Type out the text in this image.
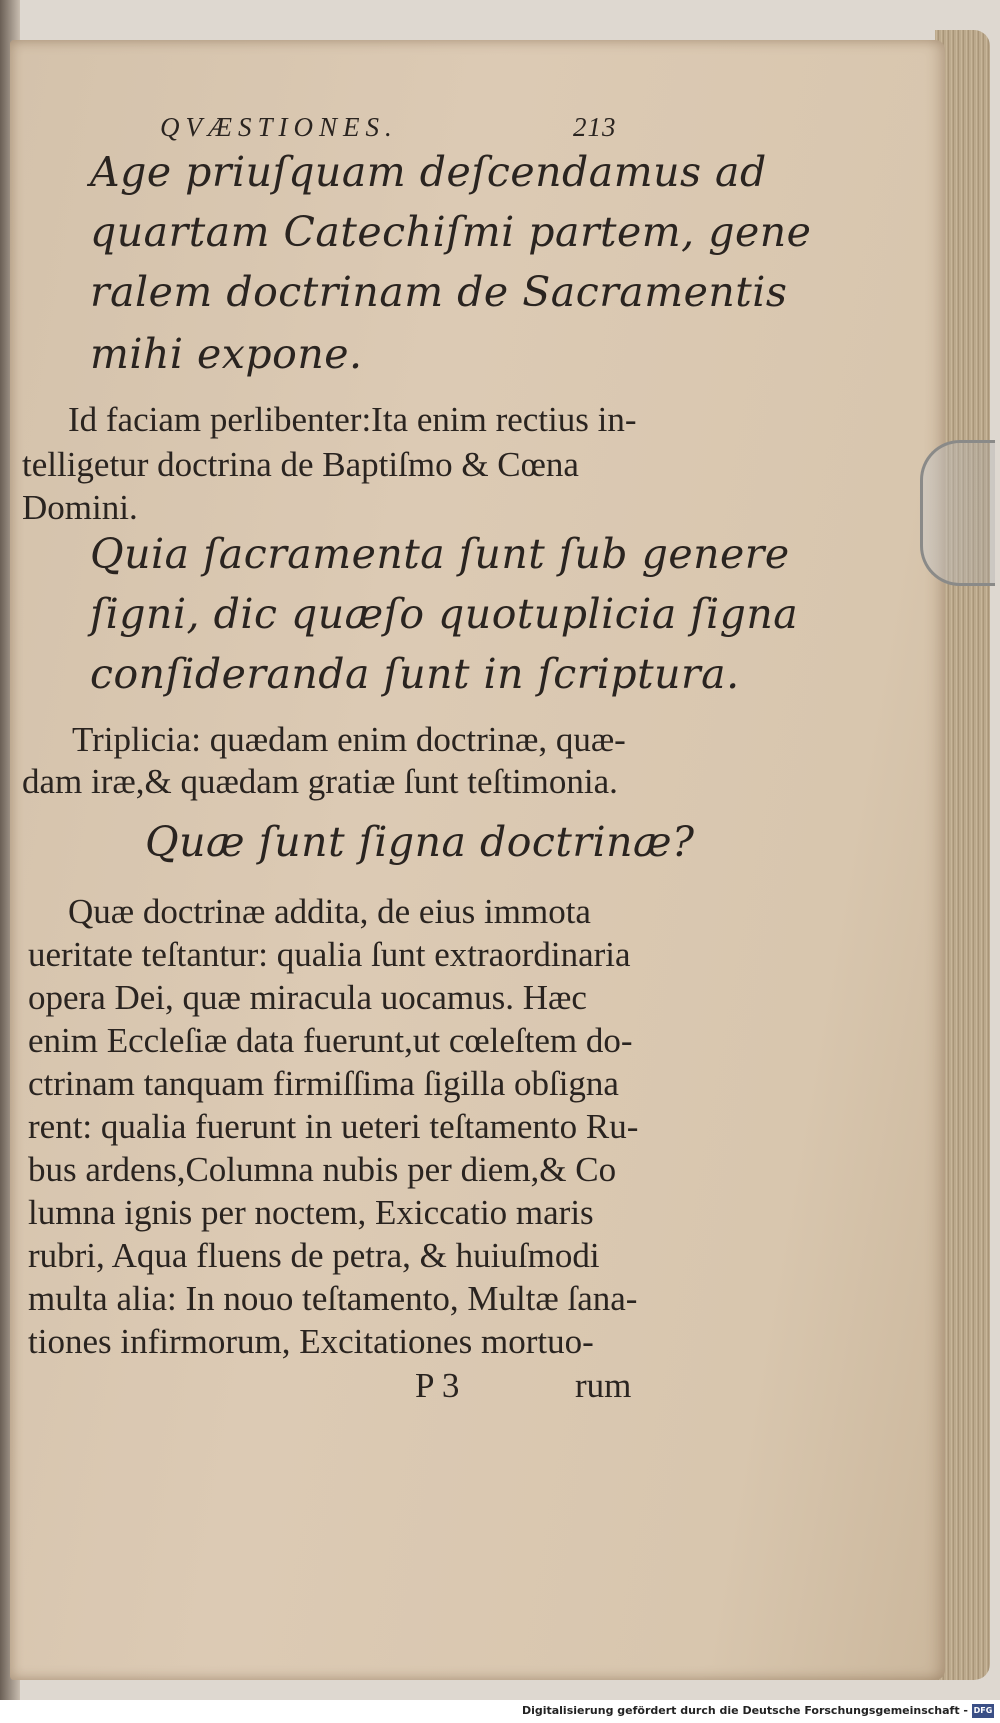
QVÆSTIONES.	213
Age priuſquam deſcendamus ad
quartam Catechiſmi partem, gene
ralem doctrinam de Sacramentis
mihi expone.
Id faciam perlibenter:Ita enim rectius in-
telligetur doctrina de Baptiſmo & Cœna
Domini.
Quia ſacramenta ſunt ſub genere
ſigni, dic quæſo quotuplicia ſigna
conſideranda ſunt in ſcriptura.
Triplicia: quædam enim doctrinæ, quæ-
dam iræ,& quædam gratiæ ſunt teſtimonia.
Quæ ſunt ſigna doctrinæ?
Quæ doctrinæ addita, de eius immota
ueritate teſtantur: qualia ſunt extraordinaria
opera Dei, quæ miracula uocamus. Hæc
enim Eccleſiæ data fuerunt,ut cœleſtem do-
ctrinam tanquam firmiſſima ſigilla obſigna
rent: qualia fuerunt in ueteri teſtamento Ru-
bus ardens,Columna nubis per diem,& Co
lumna ignis per noctem, Exiccatio maris
rubri, Aqua fluens de petra, & huiuſmodi
multa alia: In nouo teſtamento, Multæ ſana-
tiones infirmorum, Excitationes mortuo-
P 3	rum
Digitalisierung gefördert durch die Deutsche Forschungsgemeinschaft - DFG
